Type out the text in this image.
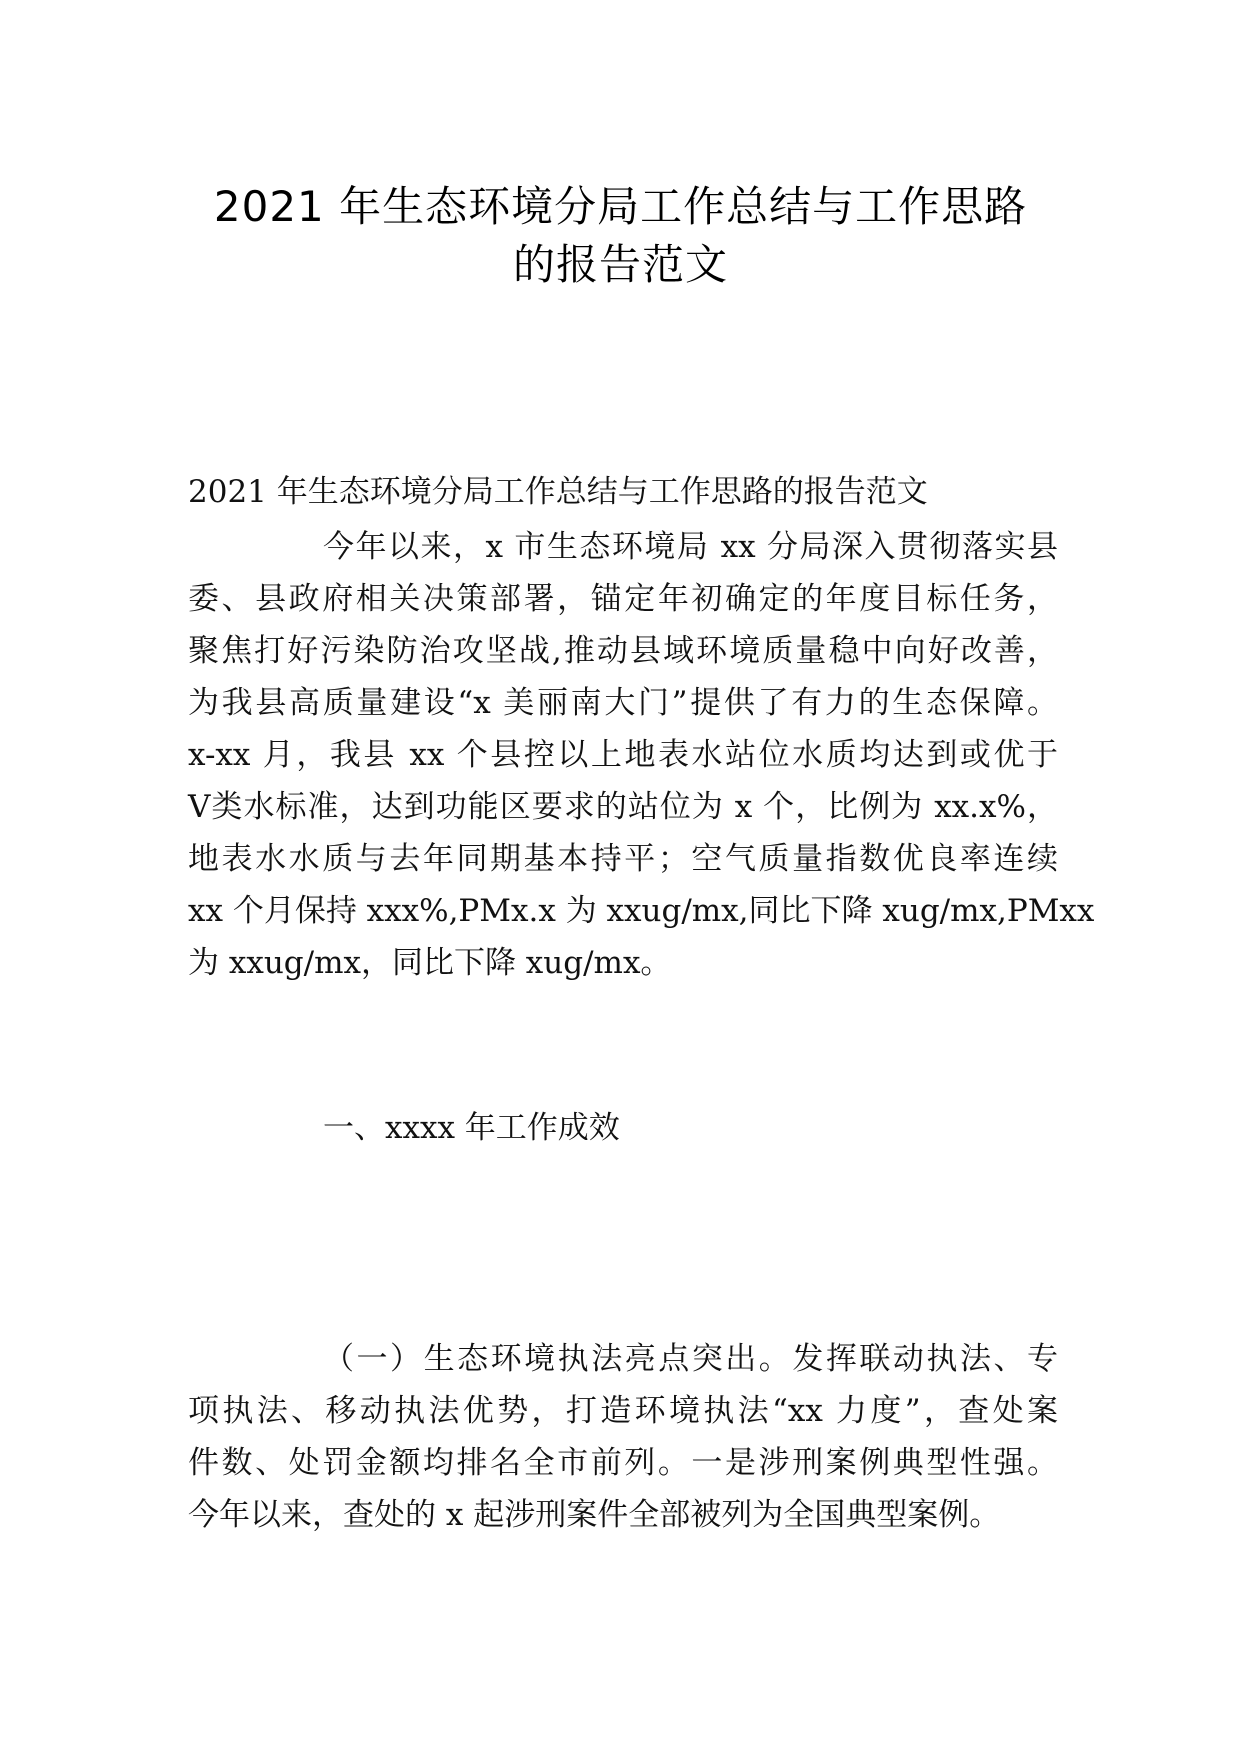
2021 年生态环境分局工作总结与工作思路
的报告范文
2021 年生态环境分局工作总结与工作思路的报告范文
今年以来，x 市生态环境局 xx 分局深入贯彻落实县
委、县政府相关决策部署，锚定年初确定的年度目标任务，
聚焦打好污染防治攻坚战,推动县域环境质量稳中向好改善，
为我县高质量建设“x 美丽南大门”提供了有力的生态保障。
x-xx 月，我县 xx 个县控以上地表水站位水质均达到或优于
Ⅴ类水标准，达到功能区要求的站位为 x 个，比例为 xx.x%，
地表水水质与去年同期基本持平；空气质量指数优良率连续
xx 个月保持 xxx%,PMx.x 为 xxug/mx,同比下降 xug/mx,PMxx
为 xxug/mx，同比下降 xug/mx。
一、xxxx 年工作成效
（一）生态环境执法亮点突出。发挥联动执法、专
项执法、移动执法优势，打造环境执法“xx 力度”，查处案
件数、处罚金额均排名全市前列。一是涉刑案例典型性强。
今年以来，查处的 x 起涉刑案件全部被列为全国典型案例。
